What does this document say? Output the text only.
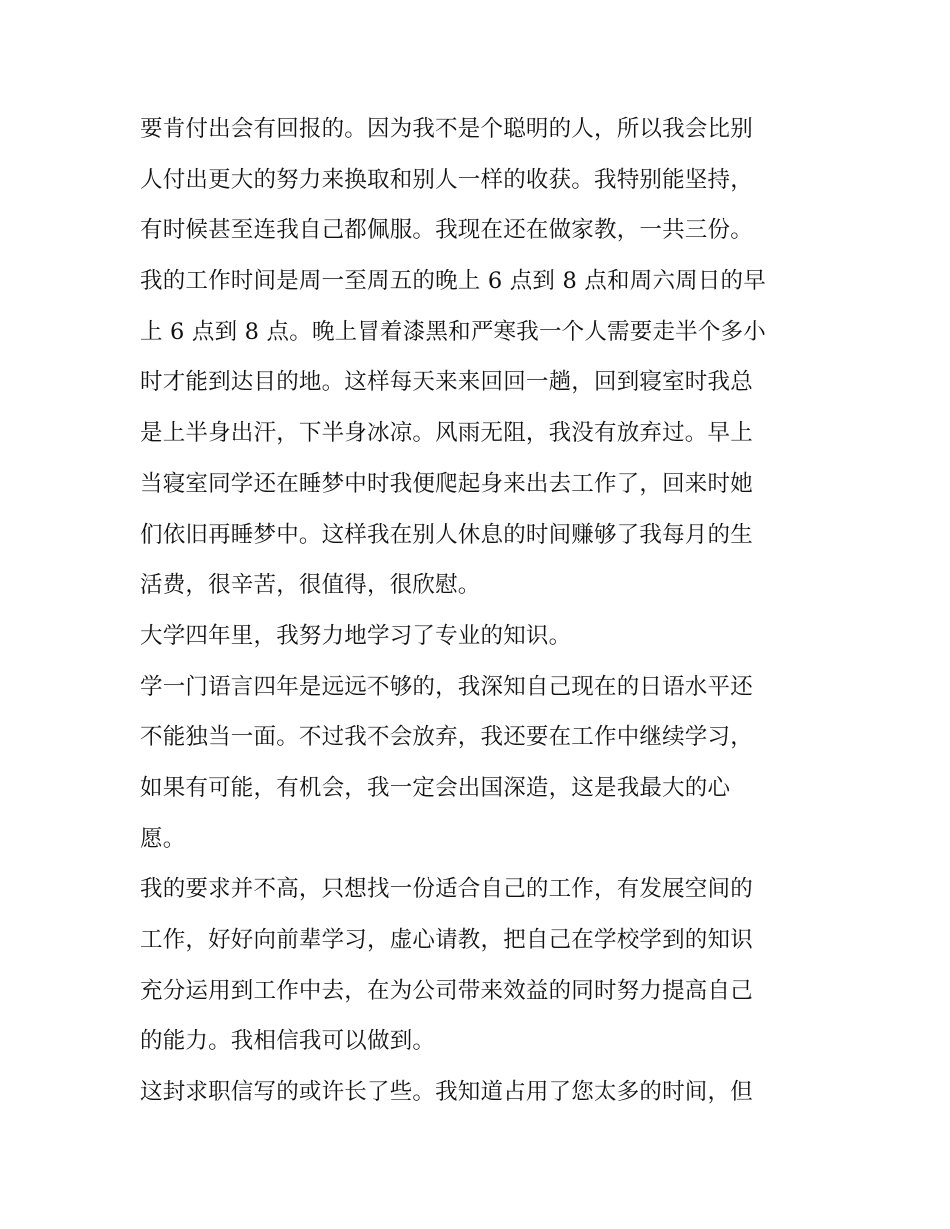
要肯付出会有回报的。因为我不是个聪明的人，所以我会比别
人付出更大的努力来换取和别人一样的收获。我特别能坚持，
有时候甚至连我自己都佩服。我现在还在做家教，一共三份。
我的工作时间是周一至周五的晚上 6 点到 8 点和周六周日的早
上 6 点到 8 点。晚上冒着漆黑和严寒我一个人需要走半个多小
时才能到达目的地。这样每天来来回回一趟，回到寝室时我总
是上半身出汗，下半身冰凉。风雨无阻，我没有放弃过。早上
当寝室同学还在睡梦中时我便爬起身来出去工作了，回来时她
们依旧再睡梦中。这样我在别人休息的时间赚够了我每月的生
活费，很辛苦，很值得，很欣慰。
大学四年里，我努力地学习了专业的知识。
学一门语言四年是远远不够的，我深知自己现在的日语水平还
不能独当一面。不过我不会放弃，我还要在工作中继续学习，
如果有可能，有机会，我一定会出国深造，这是我最大的心
愿。
我的要求并不高，只想找一份适合自己的工作，有发展空间的
工作，好好向前辈学习，虚心请教，把自己在学校学到的知识
充分运用到工作中去，在为公司带来效益的同时努力提高自己
的能力。我相信我可以做到。
这封求职信写的或许长了些。我知道占用了您太多的时间，但
